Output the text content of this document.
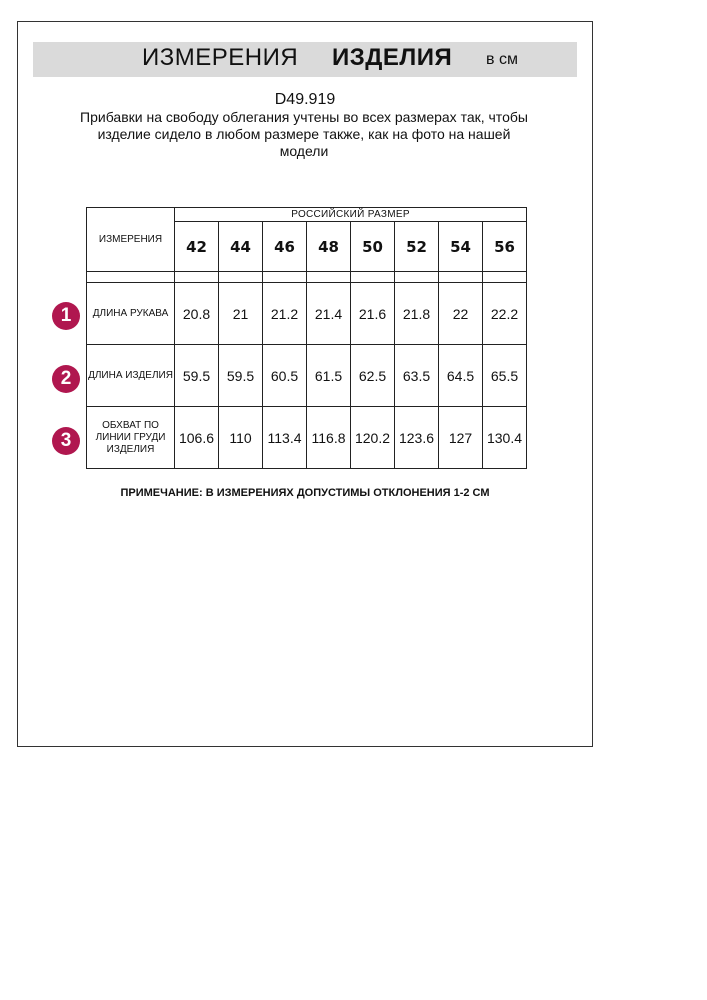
ИЗМЕРЕНИЯ ИЗДЕЛИЯ в см
D49.919
Прибавки на свободу облегания учтены во всех размерах так, чтобы изделие сидело в любом размере также, как на фото на нашей модели
ИЗМЕРЕНИЯ	РОССИЙСКИЙ РАЗМЕР							
	42	44	46	48	50	52	54	56

ДЛИНА РУКАВА	20.8	21	21.2	21.4	21.6	21.8	22	22.2
ДЛИНА ИЗДЕЛИЯ	59.5	59.5	60.5	61.5	62.5	63.5	64.5	65.5
ОБХВАТ ПО ЛИНИИ ГРУДИ ИЗДЕЛИЯ	106.6	110	113.4	116.8	120.2	123.6	127	130.4
1
2
3
ПРИМЕЧАНИЕ: В ИЗМЕРЕНИЯХ ДОПУСТИМЫ ОТКЛОНЕНИЯ 1-2 СМ
